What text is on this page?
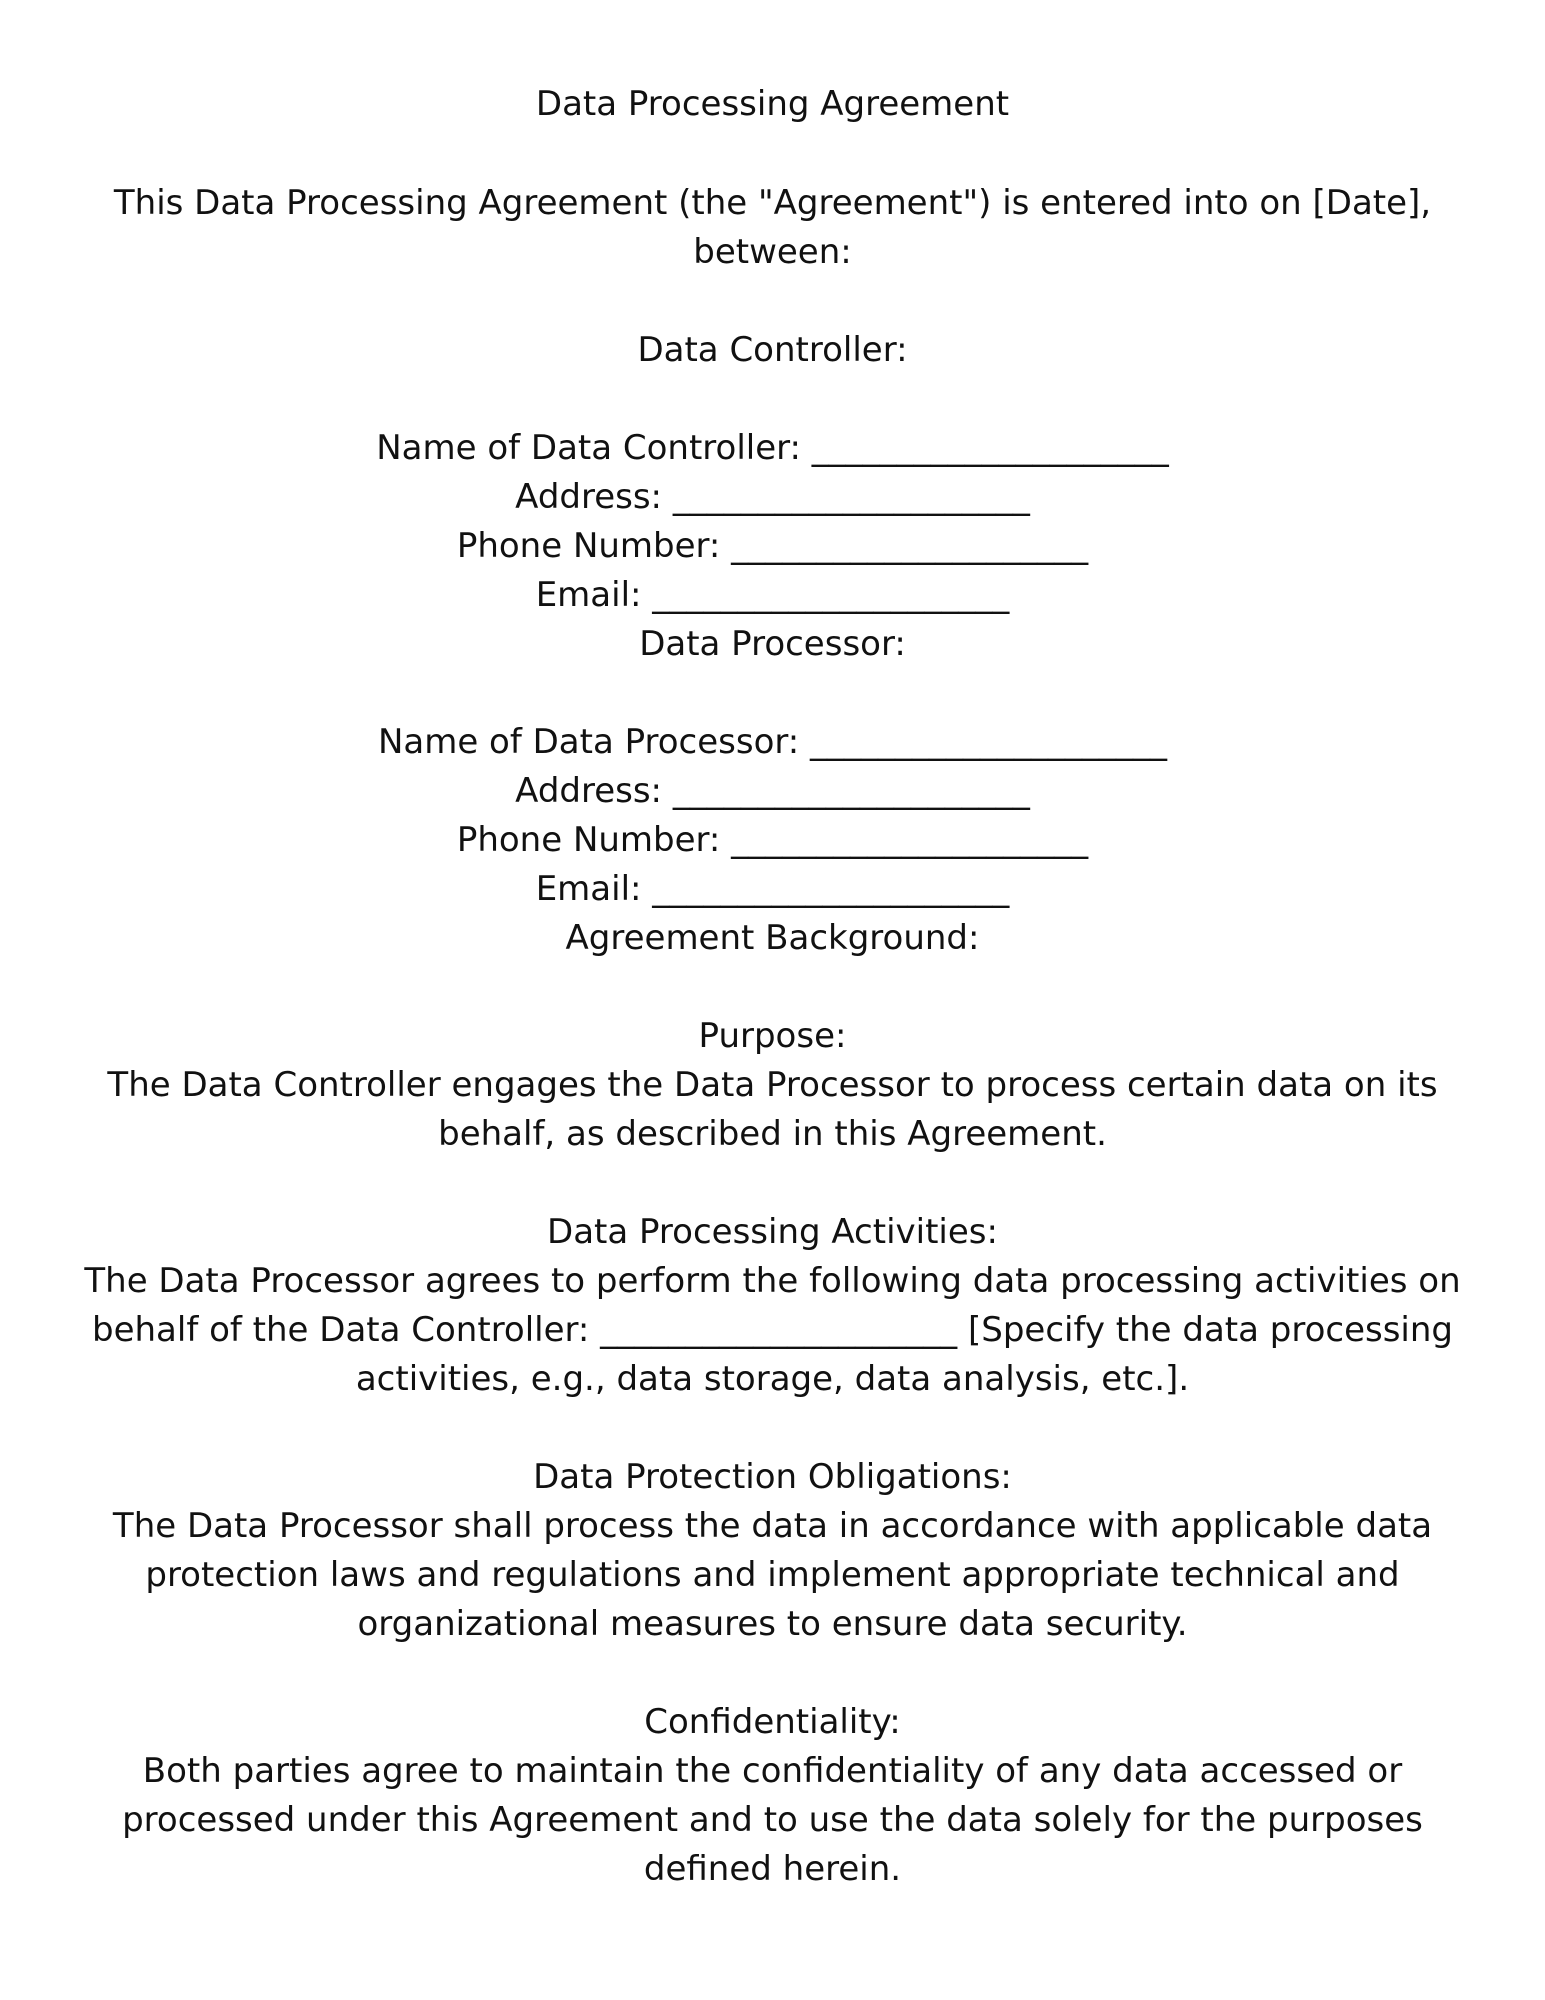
Data Processing Agreement
This Data Processing Agreement (the "Agreement") is entered into on [Date],
between:
Data Controller:
Name of Data Controller: _____________________
Address: _____________________
Phone Number: _____________________
Email: _____________________
Data Processor:
Name of Data Processor: _____________________
Address: _____________________
Phone Number: _____________________
Email: _____________________
Agreement Background:
Purpose:
The Data Controller engages the Data Processor to process certain data on its
behalf, as described in this Agreement.
Data Processing Activities:
The Data Processor agrees to perform the following data processing activities on
behalf of the Data Controller: _____________________ [Specify the data processing
activities, e.g., data storage, data analysis, etc.].
Data Protection Obligations:
The Data Processor shall process the data in accordance with applicable data
protection laws and regulations and implement appropriate technical and
organizational measures to ensure data security.
Confidentiality:
Both parties agree to maintain the confidentiality of any data accessed or
processed under this Agreement and to use the data solely for the purposes
defined herein.
